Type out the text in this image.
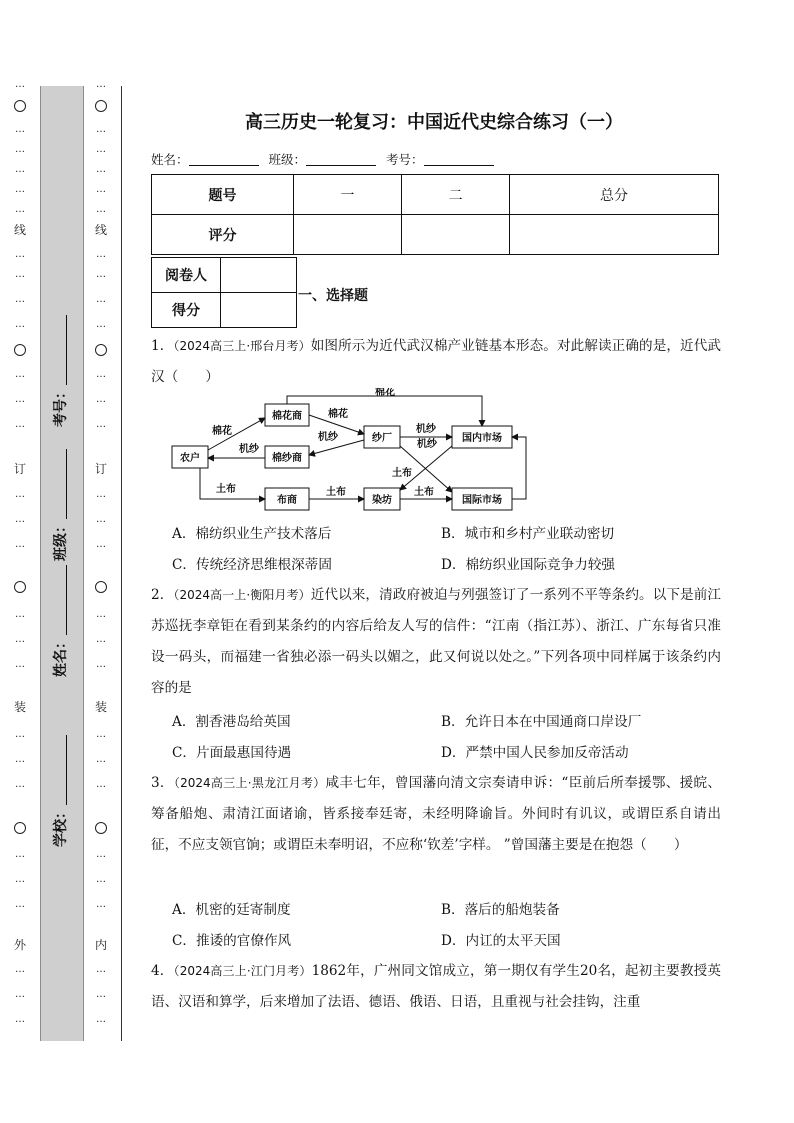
…
…
…
…
…
…
线
…
…
…
…
…
…
…
订
…
…
…
…
…
…
装
…
…
…
…
…
…
外
…
…
…
学校：
姓名：
班级：
考号：
…
…
…
…
…
…
线
…
…
…
…
…
…
…
订
…
…
…
…
…
…
装
…
…
…
…
…
…
内
…
…
…
高三历史一轮复习：中国近代史综合练习（一）
姓名：	班级：	考号：
题号	一	二	总分
评分			
阅卷人	
得分	
一、选择题
1．（2024高三上·邢台月考）如图所示为近代武汉棉产业链基本形态。对此解读正确的是，近代武汉（　　）
农户
棉花商
棉纱商
布商
纱厂
染坊
国内市场
国际市场
棉花
机纱
土布
棉花
机纱
棉花
机纱
机纱
土布
土布
土布
A．棉纺织业生产技术落后	B．城市和乡村产业联动密切
C．传统经济思维根深蒂固	D．棉纺织业国际竞争力较强
2．（2024高一上·衡阳月考）近代以来，清政府被迫与列强签订了一系列不平等条约。以下是前江苏巡抚李章钜在看到某条约的内容后给友人写的信件：“江南（指江苏）、浙江、广东每省只准设一码头，而福建一省独必添一码头以媚之，此又何说以处之。”下列各项中同样属于该条约内容的是
A．割香港岛给英国	B．允许日本在中国通商口岸设厂
C．片面最惠国待遇	D．严禁中国人民参加反帝活动
3．（2024高三上·黑龙江月考）咸丰七年，曾国藩向清文宗奏请申诉：“臣前后所奉援鄂、援皖、筹备船炮、肃清江面诸谕，皆系接奉廷寄，未经明降谕旨。外间时有讥议，或谓臣系自请出征，不应支领官饷；或谓臣未奉明诏，不应称‘钦差’字样。 ”曾国藩主要是在抱怨（　　）
A．机密的廷寄制度	B．落后的船炮装备
C．推诿的官僚作风	D．内讧的太平天国
4．（2024高三上·江门月考）1862年，广州同文馆成立，第一期仅有学生20名，起初主要教授英语、汉语和算学，后来增加了法语、德语、俄语、日语，且重视与社会挂钩，注重
